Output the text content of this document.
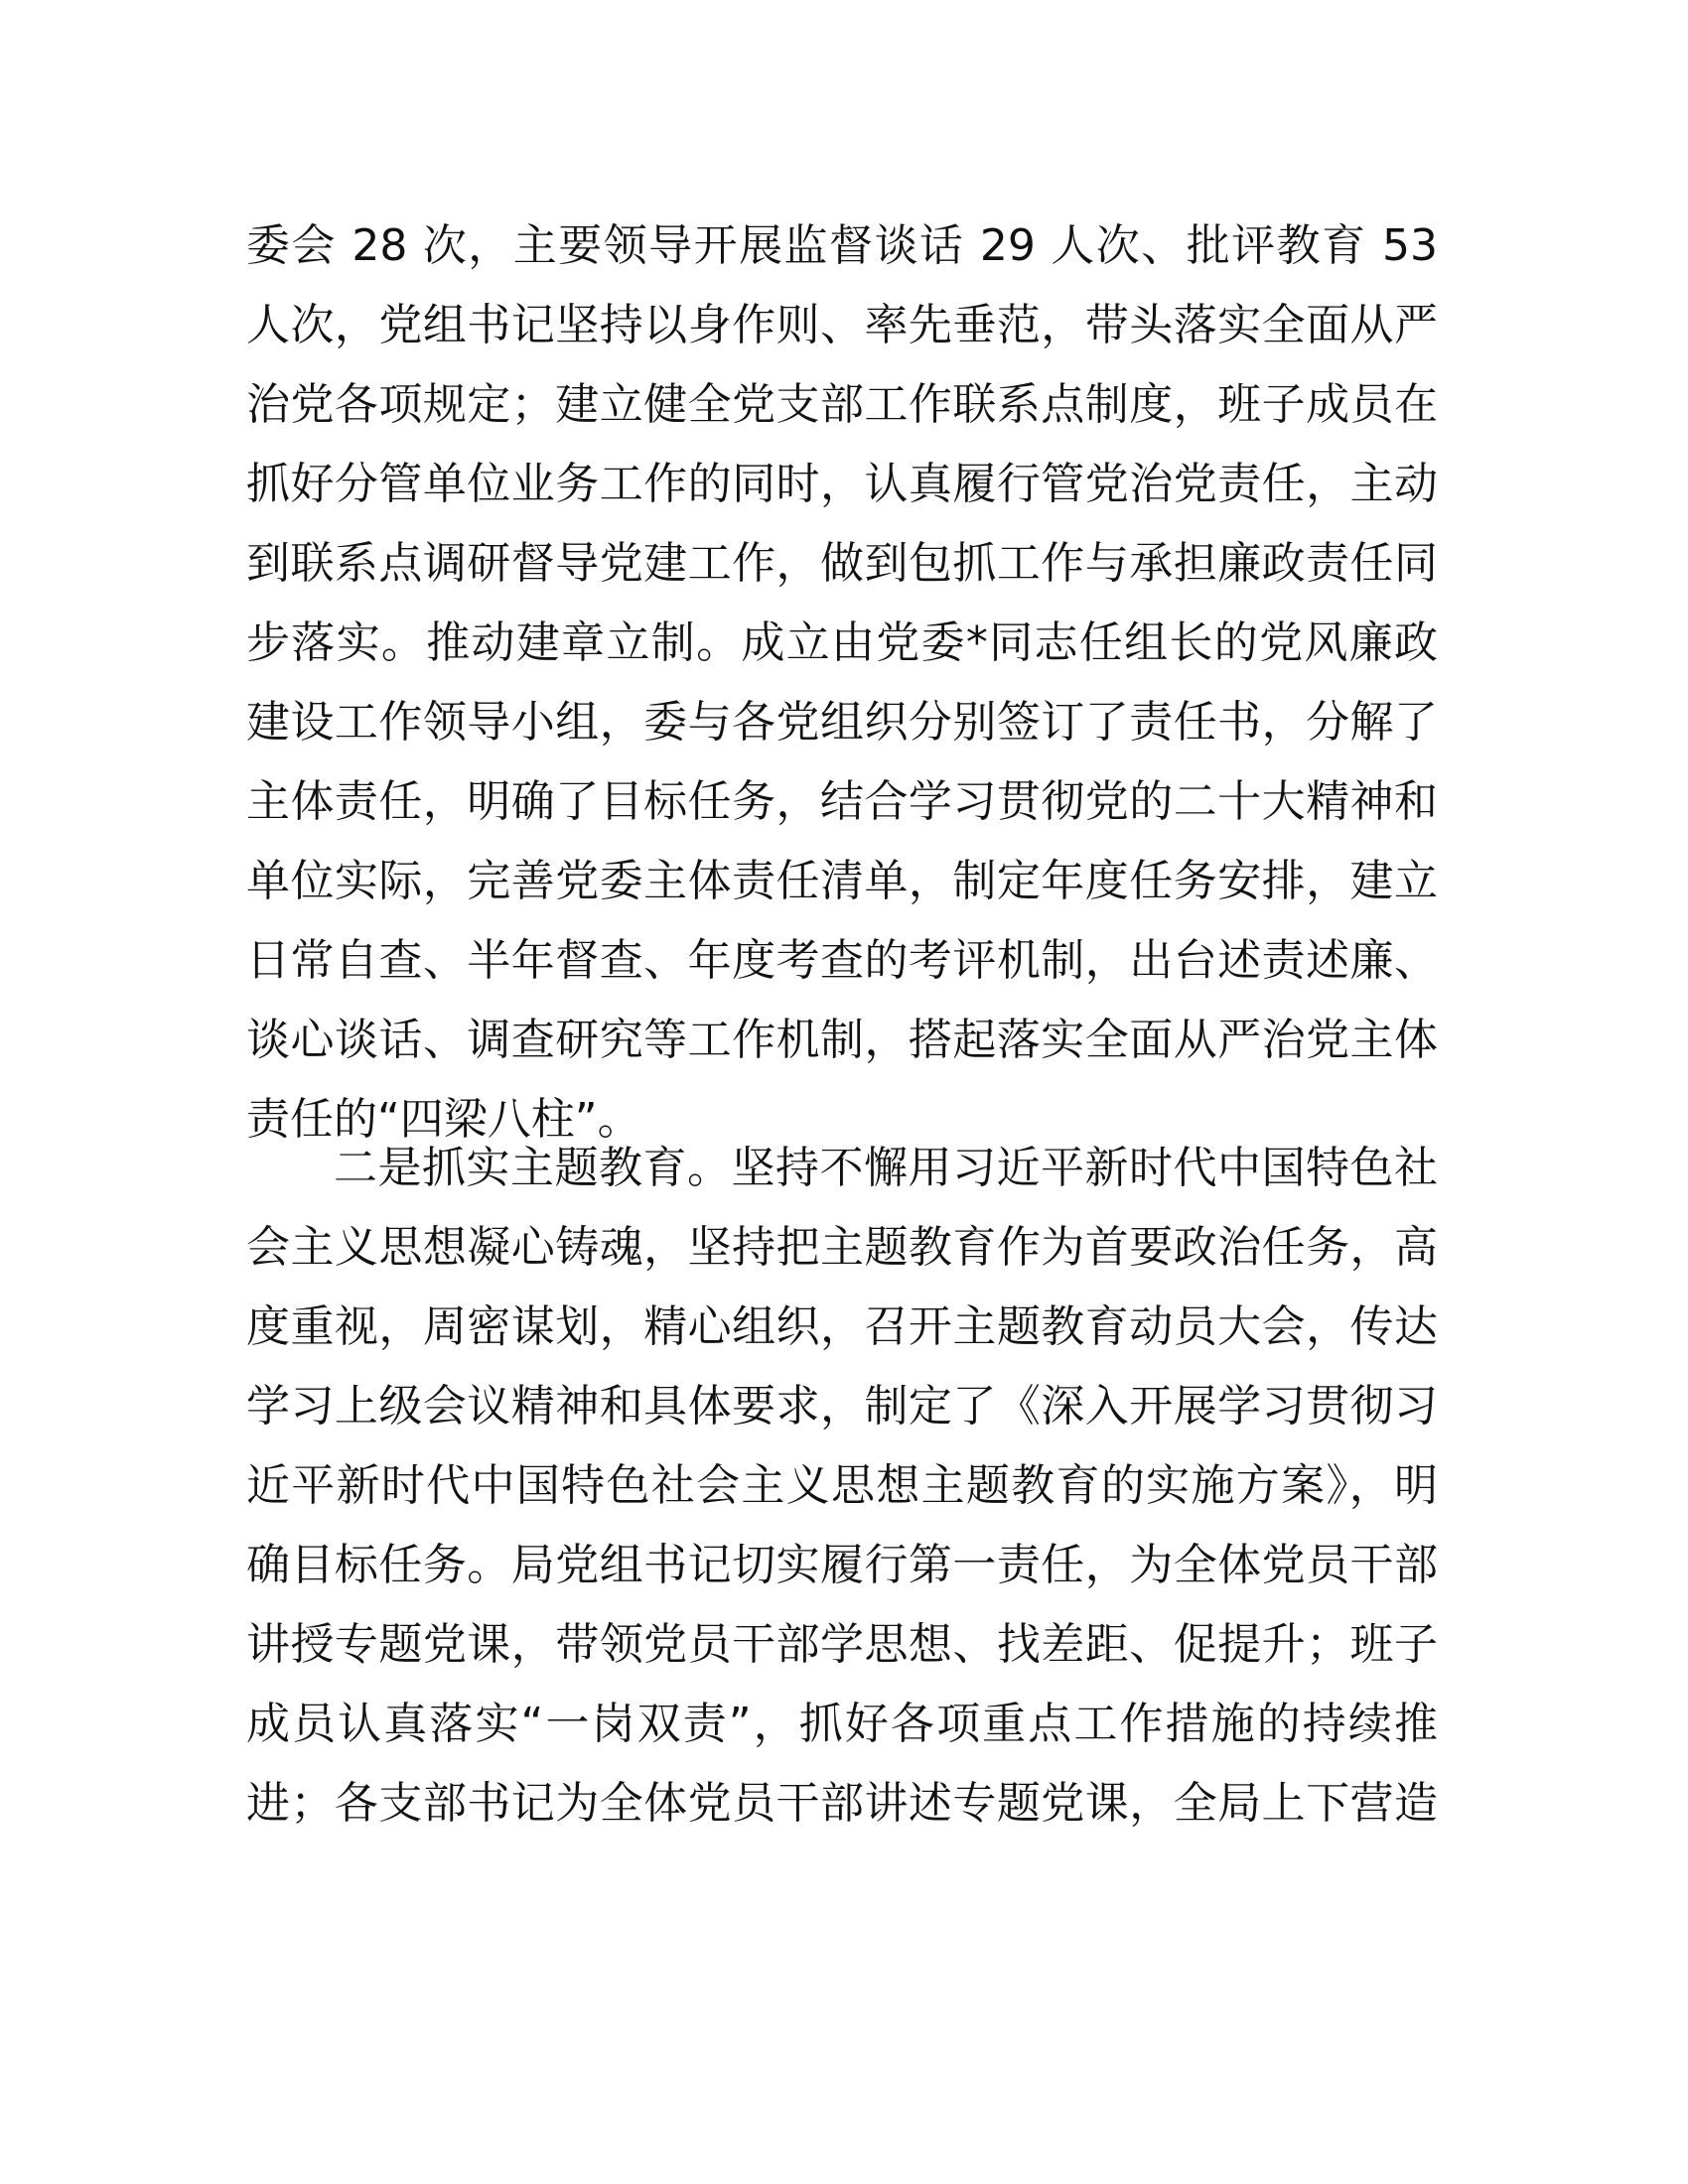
委会 28 次，主要领导开展监督谈话 29 人次、批评教育 53
人次，党组书记坚持以身作则、率先垂范，带头落实全面从严
治党各项规定；建立健全党支部工作联系点制度，班子成员在
抓好分管单位业务工作的同时，认真履行管党治党责任，主动
到联系点调研督导党建工作，做到包抓工作与承担廉政责任同
步落实。推动建章立制。成立由党委*同志任组长的党风廉政
建设工作领导小组，委与各党组织分别签订了责任书，分解了
主体责任，明确了目标任务，结合学习贯彻党的二十大精神和
单位实际，完善党委主体责任清单，制定年度任务安排，建立
日常自查、半年督查、年度考查的考评机制，出台述责述廉、
谈心谈话、调查研究等工作机制，搭起落实全面从严治党主体
责任的“四梁八柱”。
二是抓实主题教育。坚持不懈用习近平新时代中国特色社
会主义思想凝心铸魂，坚持把主题教育作为首要政治任务，高
度重视，周密谋划，精心组织，召开主题教育动员大会，传达
学习上级会议精神和具体要求，制定了《深入开展学习贯彻习
近平新时代中国特色社会主义思想主题教育的实施方案》，明
确目标任务。局党组书记切实履行第一责任，为全体党员干部
讲授专题党课，带领党员干部学思想、找差距、促提升；班子
成员认真落实“一岗双责”，抓好各项重点工作措施的持续推
进；各支部书记为全体党员干部讲述专题党课，全局上下营造
